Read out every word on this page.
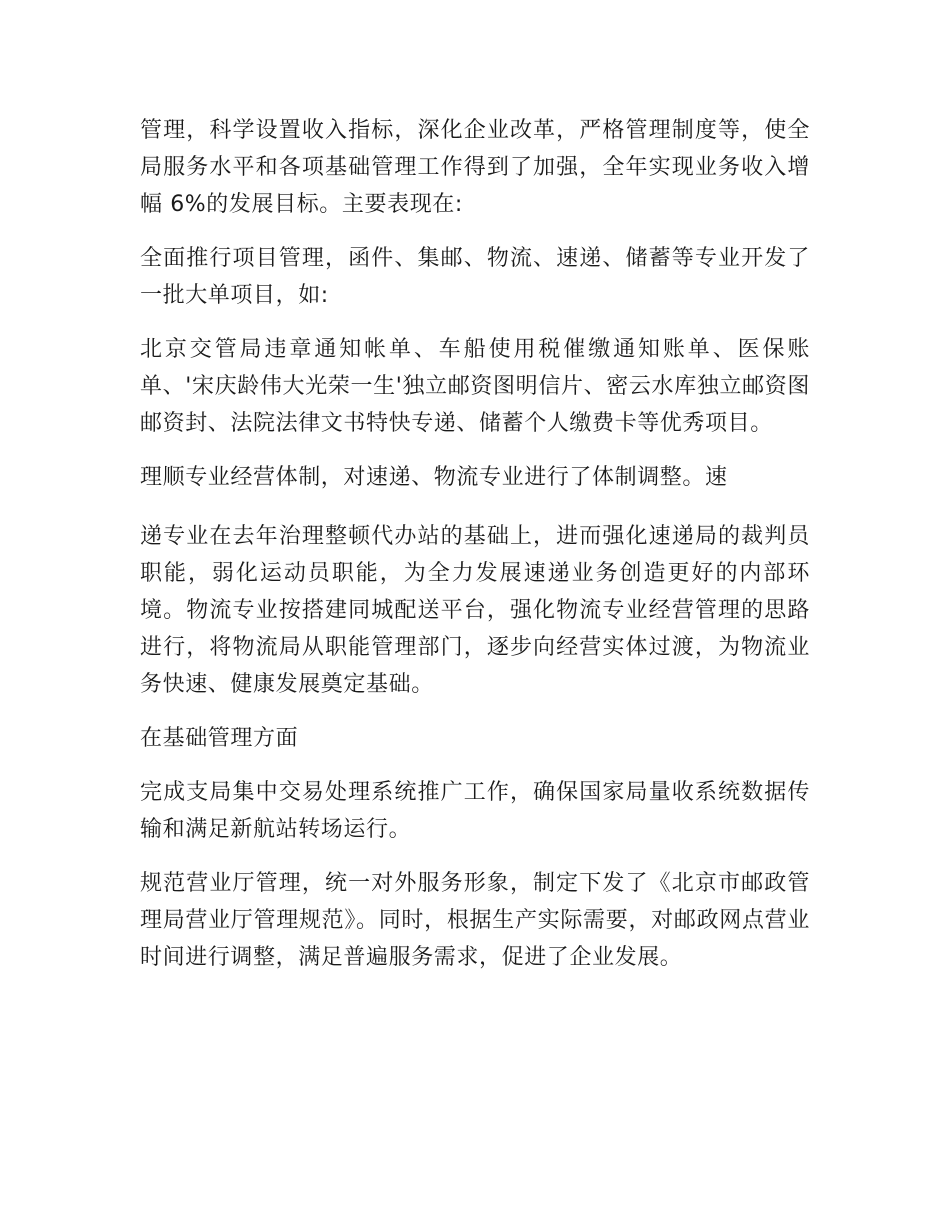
管理，科学设置收入指标，深化企业改革，严格管理制度等，使全局服务水平和各项基础管理工作得到了加强，全年实现业务收入增幅 6%的发展目标。主要表现在:

全面推行项目管理，函件、集邮、物流、速递、储蓄等专业开发了一批大单项目，如:

北京交管局违章通知帐单、车船使用税催缴通知账单、医保账单、'宋庆龄伟大光荣一生'独立邮资图明信片、密云水库独立邮资图邮资封、法院法律文书特快专递、储蓄个人缴费卡等优秀项目。

理顺专业经营体制，对速递、物流专业进行了体制调整。速

递专业在去年治理整顿代办站的基础上，进而强化速递局的裁判员职能，弱化运动员职能，为全力发展速递业务创造更好的内部环境。物流专业按搭建同城配送平台，强化物流专业经营管理的思路进行，将物流局从职能管理部门，逐步向经营实体过渡，为物流业务快速、健康发展奠定基础。

在基础管理方面

完成支局集中交易处理系统推广工作，确保国家局量收系统数据传输和满足新航站转场运行。

规范营业厅管理，统一对外服务形象，制定下发了《北京市邮政管理局营业厅管理规范》。同时，根据生产实际需要，对邮政网点营业时间进行调整，满足普遍服务需求，促进了企业发展。
